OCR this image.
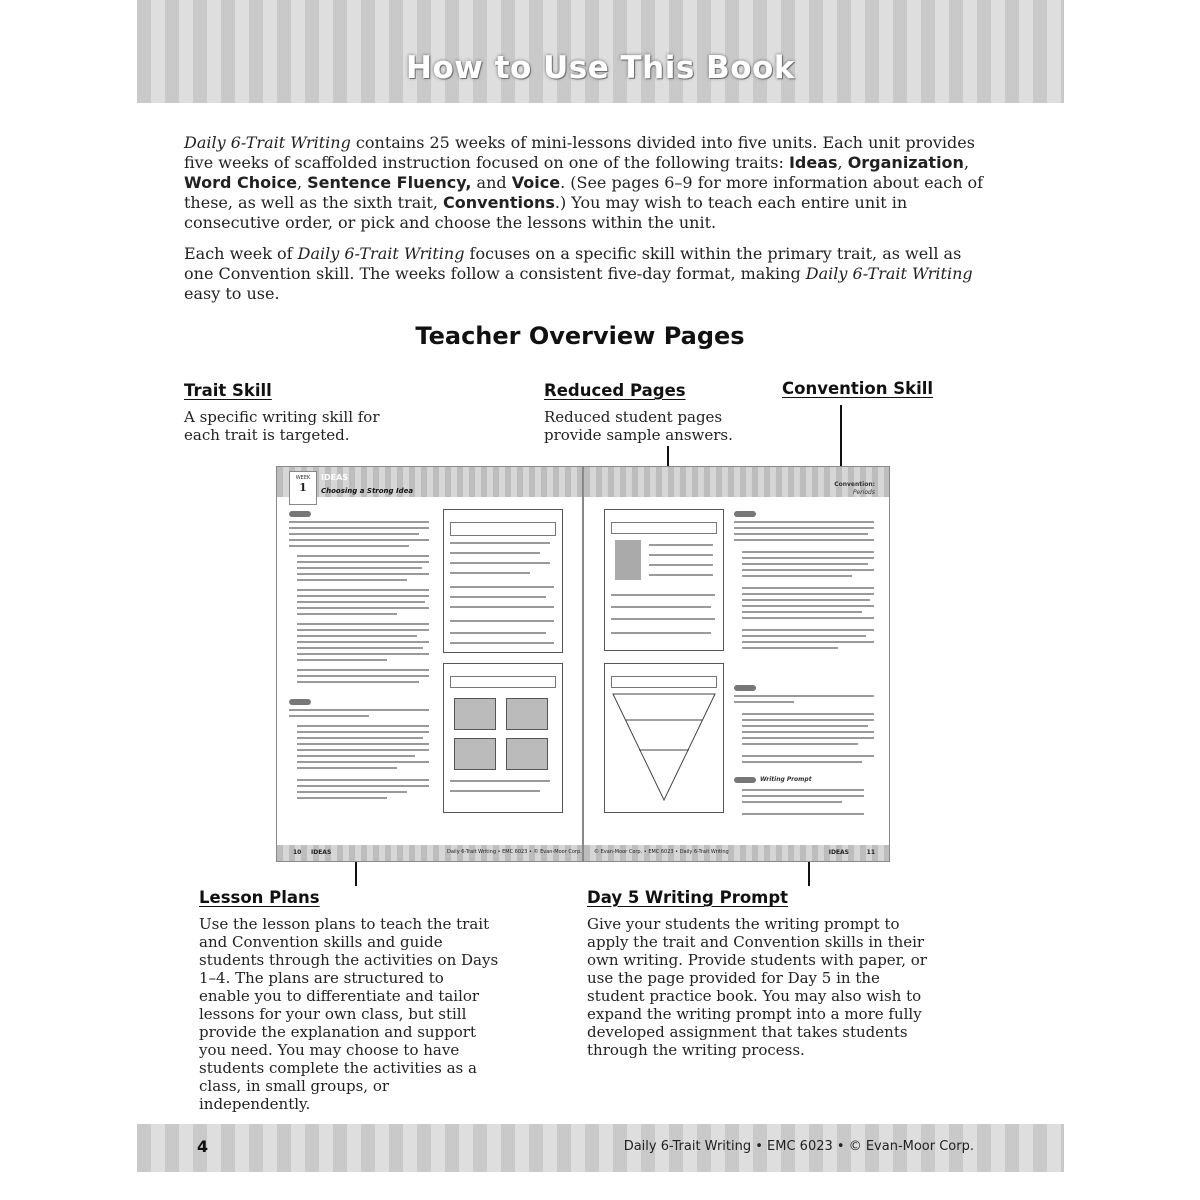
How to Use This Book

Daily 6-Trait Writing contains 25 weeks of mini-lessons divided into five units. Each unit provides five weeks of scaffolded instruction focused on one of the following traits: Ideas, Organization, Word Choice, Sentence Fluency, and Voice. (See pages 6–9 for more information about each of these, as well as the sixth trait, Conventions.) You may wish to teach each entire unit in consecutive order, or pick and choose the lessons within the unit.

Each week of Daily 6-Trait Writing focuses on a specific skill within the primary trait, as well as one Convention skill. The weeks follow a consistent five-day format, making Daily 6-Trait Writing easy to use.

Teacher Overview Pages
Trait Skill

A specific writing skill for each trait is targeted.

Reduced Pages

Reduced student pages provide sample answers.

Convention Skill
WEEK
1
IDEAS
Choosing a Strong Idea
10 IDEAS	Daily 6-Trait Writing • EMC 6023 • © Evan-Moor Corp.
Convention:
Periods
Writing Prompt
© Evan-Moor Corp. • EMC 6023 • Daily 6-Trait Writing	IDEAS	11
Lesson Plans

Use the lesson plans to teach the trait and Convention skills and guide students through the activities on Days 1–4. The plans are structured to enable you to differentiate and tailor lessons for your own class, but still provide the explanation and support you need. You may choose to have students complete the activities as a class, in small groups, or independently.

Day 5 Writing Prompt

Give your students the writing prompt to apply the trait and Convention skills in their own writing. Provide students with paper, or use the page provided for Day 5 in the student practice book. You may also wish to expand the writing prompt into a more fully developed assignment that takes students through the writing process.

4	Daily 6-Trait Writing • EMC 6023 • © Evan-Moor Corp.
